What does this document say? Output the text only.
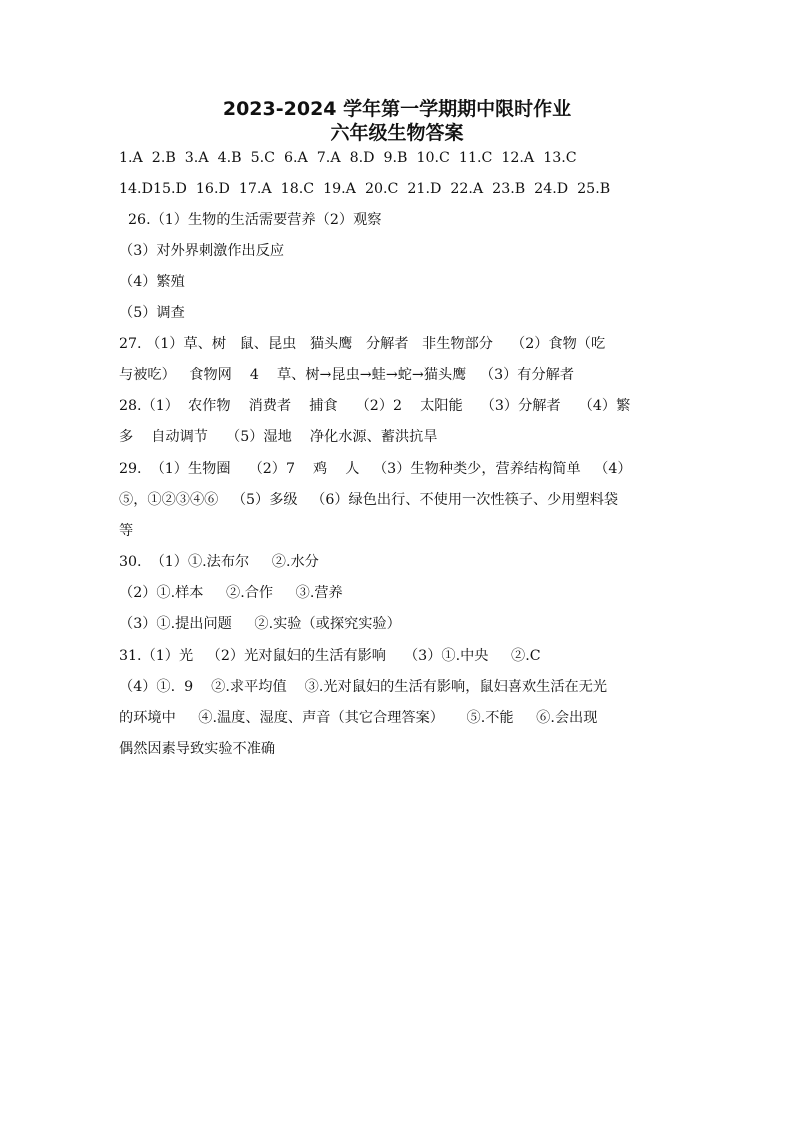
2023-2024 学年第一学期期中限时作业
六年级生物答案
1.A  2.B  3.A  4.B  5.C  6.A  7.A  8.D  9.B  10.C  11.C  12.A  13.C
14.D15.D  16.D  17.A  18.C  19.A  20.C  21.D  22.A  23.B  24.D  25.B
26.（1）生物的生活需要营养（2）观察
（3）对外界刺激作出反应
（4）繁殖
（5）调查
27. （1）草、树   鼠、昆虫   猫头鹰   分解者   非生物部分    （2）食物（吃
与被吃）   食物网    4    草、树→昆虫→蛙→蛇→猫头鹰   （3）有分解者
28.（1）  农作物    消费者    捕食    （2）2    太阳能    （3）分解者    （4）繁
多    自动调节    （5）湿地    净化水源、蓄洪抗旱
29.  （1）生物圈    （2）7    鸡    人   （3）生物种类少，营养结构简单   （4）
⑤，①②③④⑥   （5）多级   （6）绿色出行、不使用一次性筷子、少用塑料袋
等
30.  （1）①.法布尔     ②.水分
（2）①.样本     ②.合作     ③.营养
（3）①.提出问题     ②.实验（或探究实验）
31.（1）光   （2）光对鼠妇的生活有影响    （3）①.中央     ②.C
（4）①.  9    ②.求平均值    ③.光对鼠妇的生活有影响，鼠妇喜欢生活在无光
的环境中     ④.温度、湿度、声音（其它合理答案）     ⑤.不能     ⑥.会出现
偶然因素导致实验不准确
